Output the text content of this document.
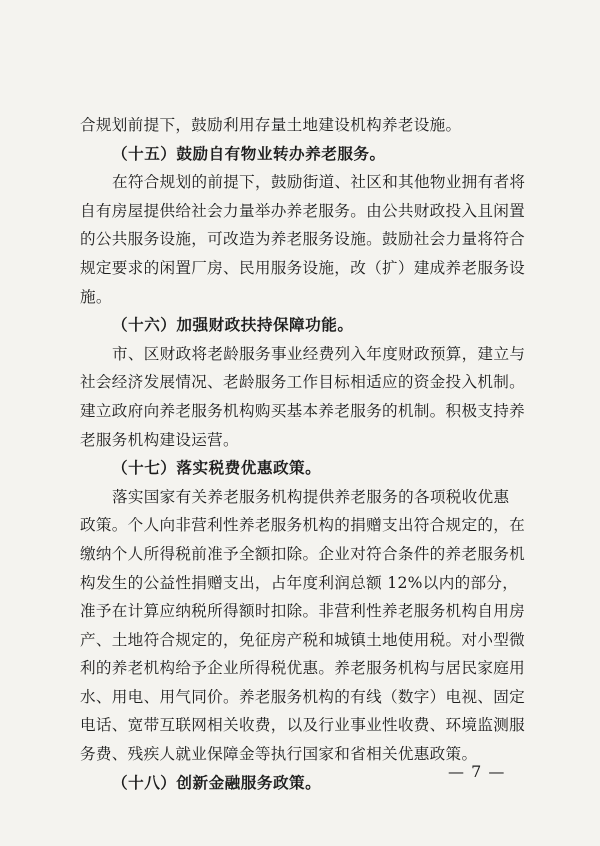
合规划前提下，鼓励利用存量土地建设机构养老设施。
（十五）鼓励自有物业转办养老服务。
在符合规划的前提下，鼓励街道、社区和其他物业拥有者将
自有房屋提供给社会力量举办养老服务。由公共财政投入且闲置
的公共服务设施，可改造为养老服务设施。鼓励社会力量将符合
规定要求的闲置厂房、民用服务设施，改（扩）建成养老服务设
施。
（十六）加强财政扶持保障功能。
市、区财政将老龄服务事业经费列入年度财政预算，建立与
社会经济发展情况、老龄服务工作目标相适应的资金投入机制。
建立政府向养老服务机构购买基本养老服务的机制。积极支持养
老服务机构建设运营。
（十七）落实税费优惠政策。
落实国家有关养老服务机构提供养老服务的各项税收优惠
政策。个人向非营利性养老服务机构的捐赠支出符合规定的，在
缴纳个人所得税前准予全额扣除。企业对符合条件的养老服务机
构发生的公益性捐赠支出，占年度利润总额 12%以内的部分，
准予在计算应纳税所得额时扣除。非营利性养老服务机构自用房
产、土地符合规定的，免征房产税和城镇土地使用税。对小型微
利的养老机构给予企业所得税优惠。养老服务机构与居民家庭用
水、用电、用气同价。养老服务机构的有线（数字）电视、固定
电话、宽带互联网相关收费，以及行业事业性收费、环境监测服
务费、残疾人就业保障金等执行国家和省相关优惠政策。
（十八）创新金融服务政策。
— 7 —
